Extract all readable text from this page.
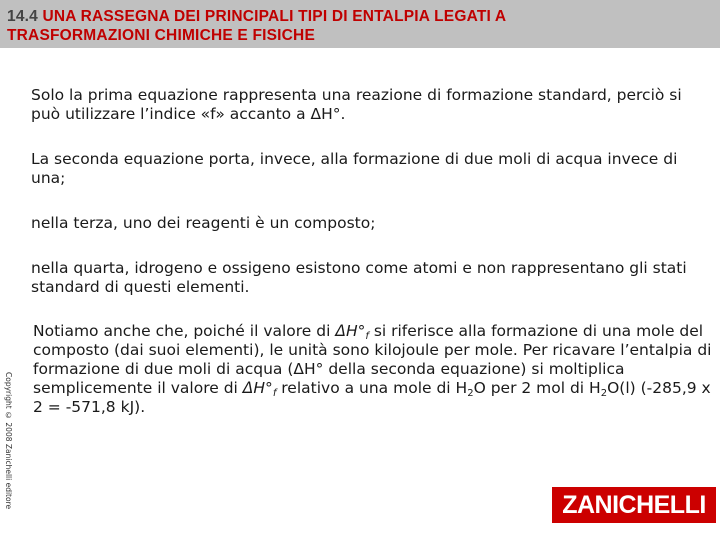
14.4 UNA RASSEGNA DEI PRINCIPALI TIPI DI ENTALPIA LEGATI A
TRASFORMAZIONI CHIMICHE E FISICHE

Solo la prima equazione rappresenta una reazione di formazione standard, perciò si può utilizzare l’indice «f» accanto a ΔH°.

La seconda equazione porta, invece, alla formazione di due moli di acqua invece di una;

nella terza, uno dei reagenti è un composto;

nella quarta, idrogeno e ossigeno esistono come atomi e non rappresentano gli stati standard di questi elementi.

Notiamo anche che, poiché il valore di $\Delta H^\circ_f$ si riferisce alla formazione di una mole del composto (dai suoi elementi), le unità sono kilojoule per mole. Per ricavare l’entalpia di formazione di due moli di acqua (ΔH° della seconda equazione) si moltiplica semplicemente il valore di $\Delta H^\circ_f$ relativo a una mole di $H_2O$ per 2 mol di $H_2O(l)$ (-285,9 x 2 = -571,8 kJ).

Copyright © 2008 Zanichelli editore	ZANICHELLI
